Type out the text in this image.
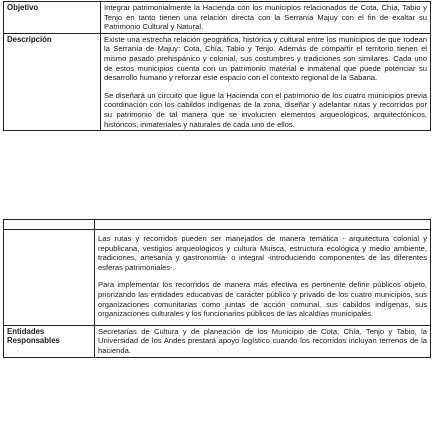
Objetivo	Integrar patrimonialmente la Hacienda con los municipios relacionados de Cota, Chía, Tabio y Tenjo en tanto tienen una relación directa con la Serranía Majuy con el fin de exaltar su Patrimonio Cultural y Natural.

Descripción	Existe una estrecha relación geográfica, histórica y cultural entre los municipios de que rodean la Serranía de Majuy: Cota, Chía, Tabio y Tenjo. Además de compartir el territorio tienen el mismo pasado prehispánico y colonial, sus costumbres y tradiciones son similares. Cada uno de estos municipios cuenta con un patrimonio material e inmaterial que puede potenciar su desarrollo humano y reforzar este espacio con el contexto regional de la Sabana.

Se diseñará un circuito que ligue la Hacienda con el patrimonio de los cuatro municipios previa coordinación con los cabildos indígenas de la zona, diseñar y adelantar rutas y recorridos por su patrimonio de tal manera que se involucren elementos arqueológicos, arquitectónicos, históricos, inmateriales y naturales de cada uno de ellos.

	Las rutas y recorridos pueden ser manejados de manera temática - arquitectura colonial y republicana, vestigios arqueológicos y cultura Muisca, estructura ecológica y medio ambiente, tradiciones, artesanía y gastronomía- o integral -introduciendo componentes de las diferentes esferas patrimoniales-.

Para implementar los recorridos de manera más efectiva es pertinente definir públicos objeto, priorizando las entidades educativas de carácter público y privado de los cuatro municipios, sus organizaciones comunitarias como juntas de acción comunal, sus cabildos indígenas, sus organizaciones culturales y los funcionarios públicos de las alcaldías municipales.

Entidades Responsables	Secretarías de Cultura y de planeación de los Municipio de Cota, Chía, Tenjo y Tabio, la Universidad de los Andes prestará apoyo logístico cuando los recorridos incluyan terrenos de la hacienda.
